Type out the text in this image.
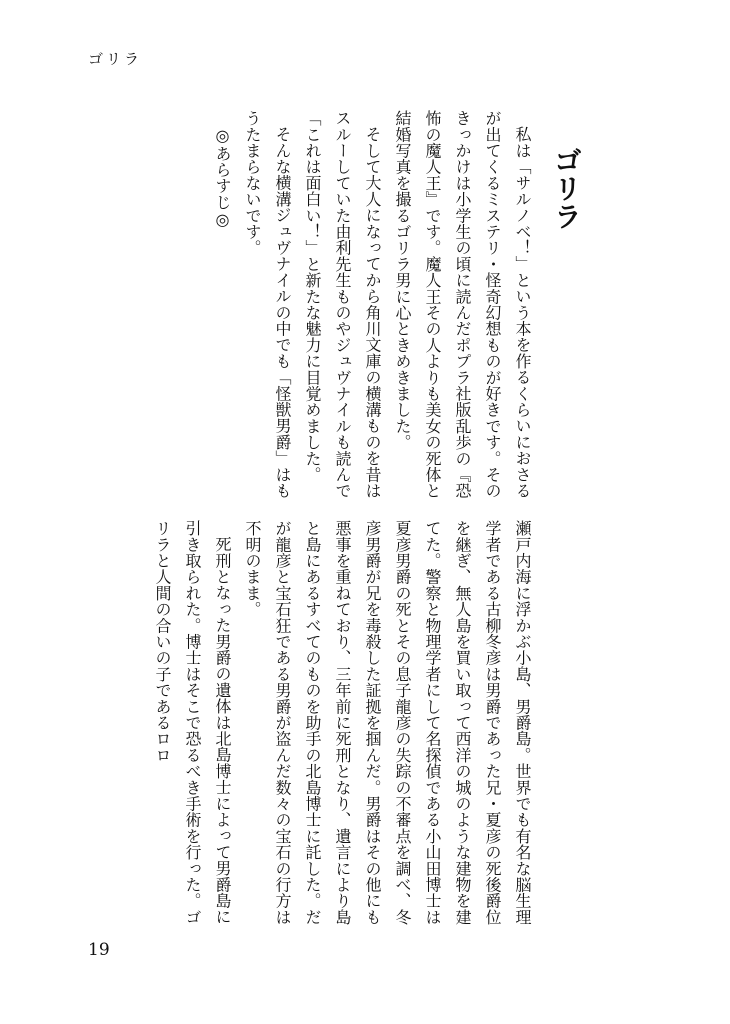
ゴリラ
ゴリラ

私は「サルノベ！」という本を作るくらいにおさるが出てくるミステリ・怪奇幻想ものが好きです。そのきっかけは小学生の頃に読んだポプラ社版乱歩の『恐怖の魔人王』です。魔人王その人よりも美女の死体と結婚写真を撮るゴリラ男に心ときめきました。

そして大人になってから角川文庫の横溝ものを昔はスルーしていた由利先生ものやジュヴナイルも読んで「これは面白い！」と新たな魅力に目覚めました。

そんな横溝ジュヴナイルの中でも「怪獣男爵」はもうたまらないです。

◎あらすじ◎

瀬戸内海に浮かぶ小島、男爵島。世界でも有名な脳生理学者である古柳冬彦は男爵であった兄・夏彦の死後爵位を継ぎ、無人島を買い取って西洋の城のような建物を建てた。警察と物理学者にして名探偵である小山田博士は夏彦男爵の死とその息子龍彦の失踪の不審点を調べ、冬彦男爵が兄を毒殺した証拠を掴んだ。男爵はその他にも悪事を重ねており、三年前に死刑となり、遺言により島と島にあるすべてのものを助手の北島博士に託した。だが龍彦と宝石狂である男爵が盗んだ数々の宝石の行方は不明のまま。

死刑となった男爵の遺体は北島博士によって男爵島に引き取られた。博士はそこで恐るべき手術を行った。ゴリラと人間の合いの子であるロロ

19
